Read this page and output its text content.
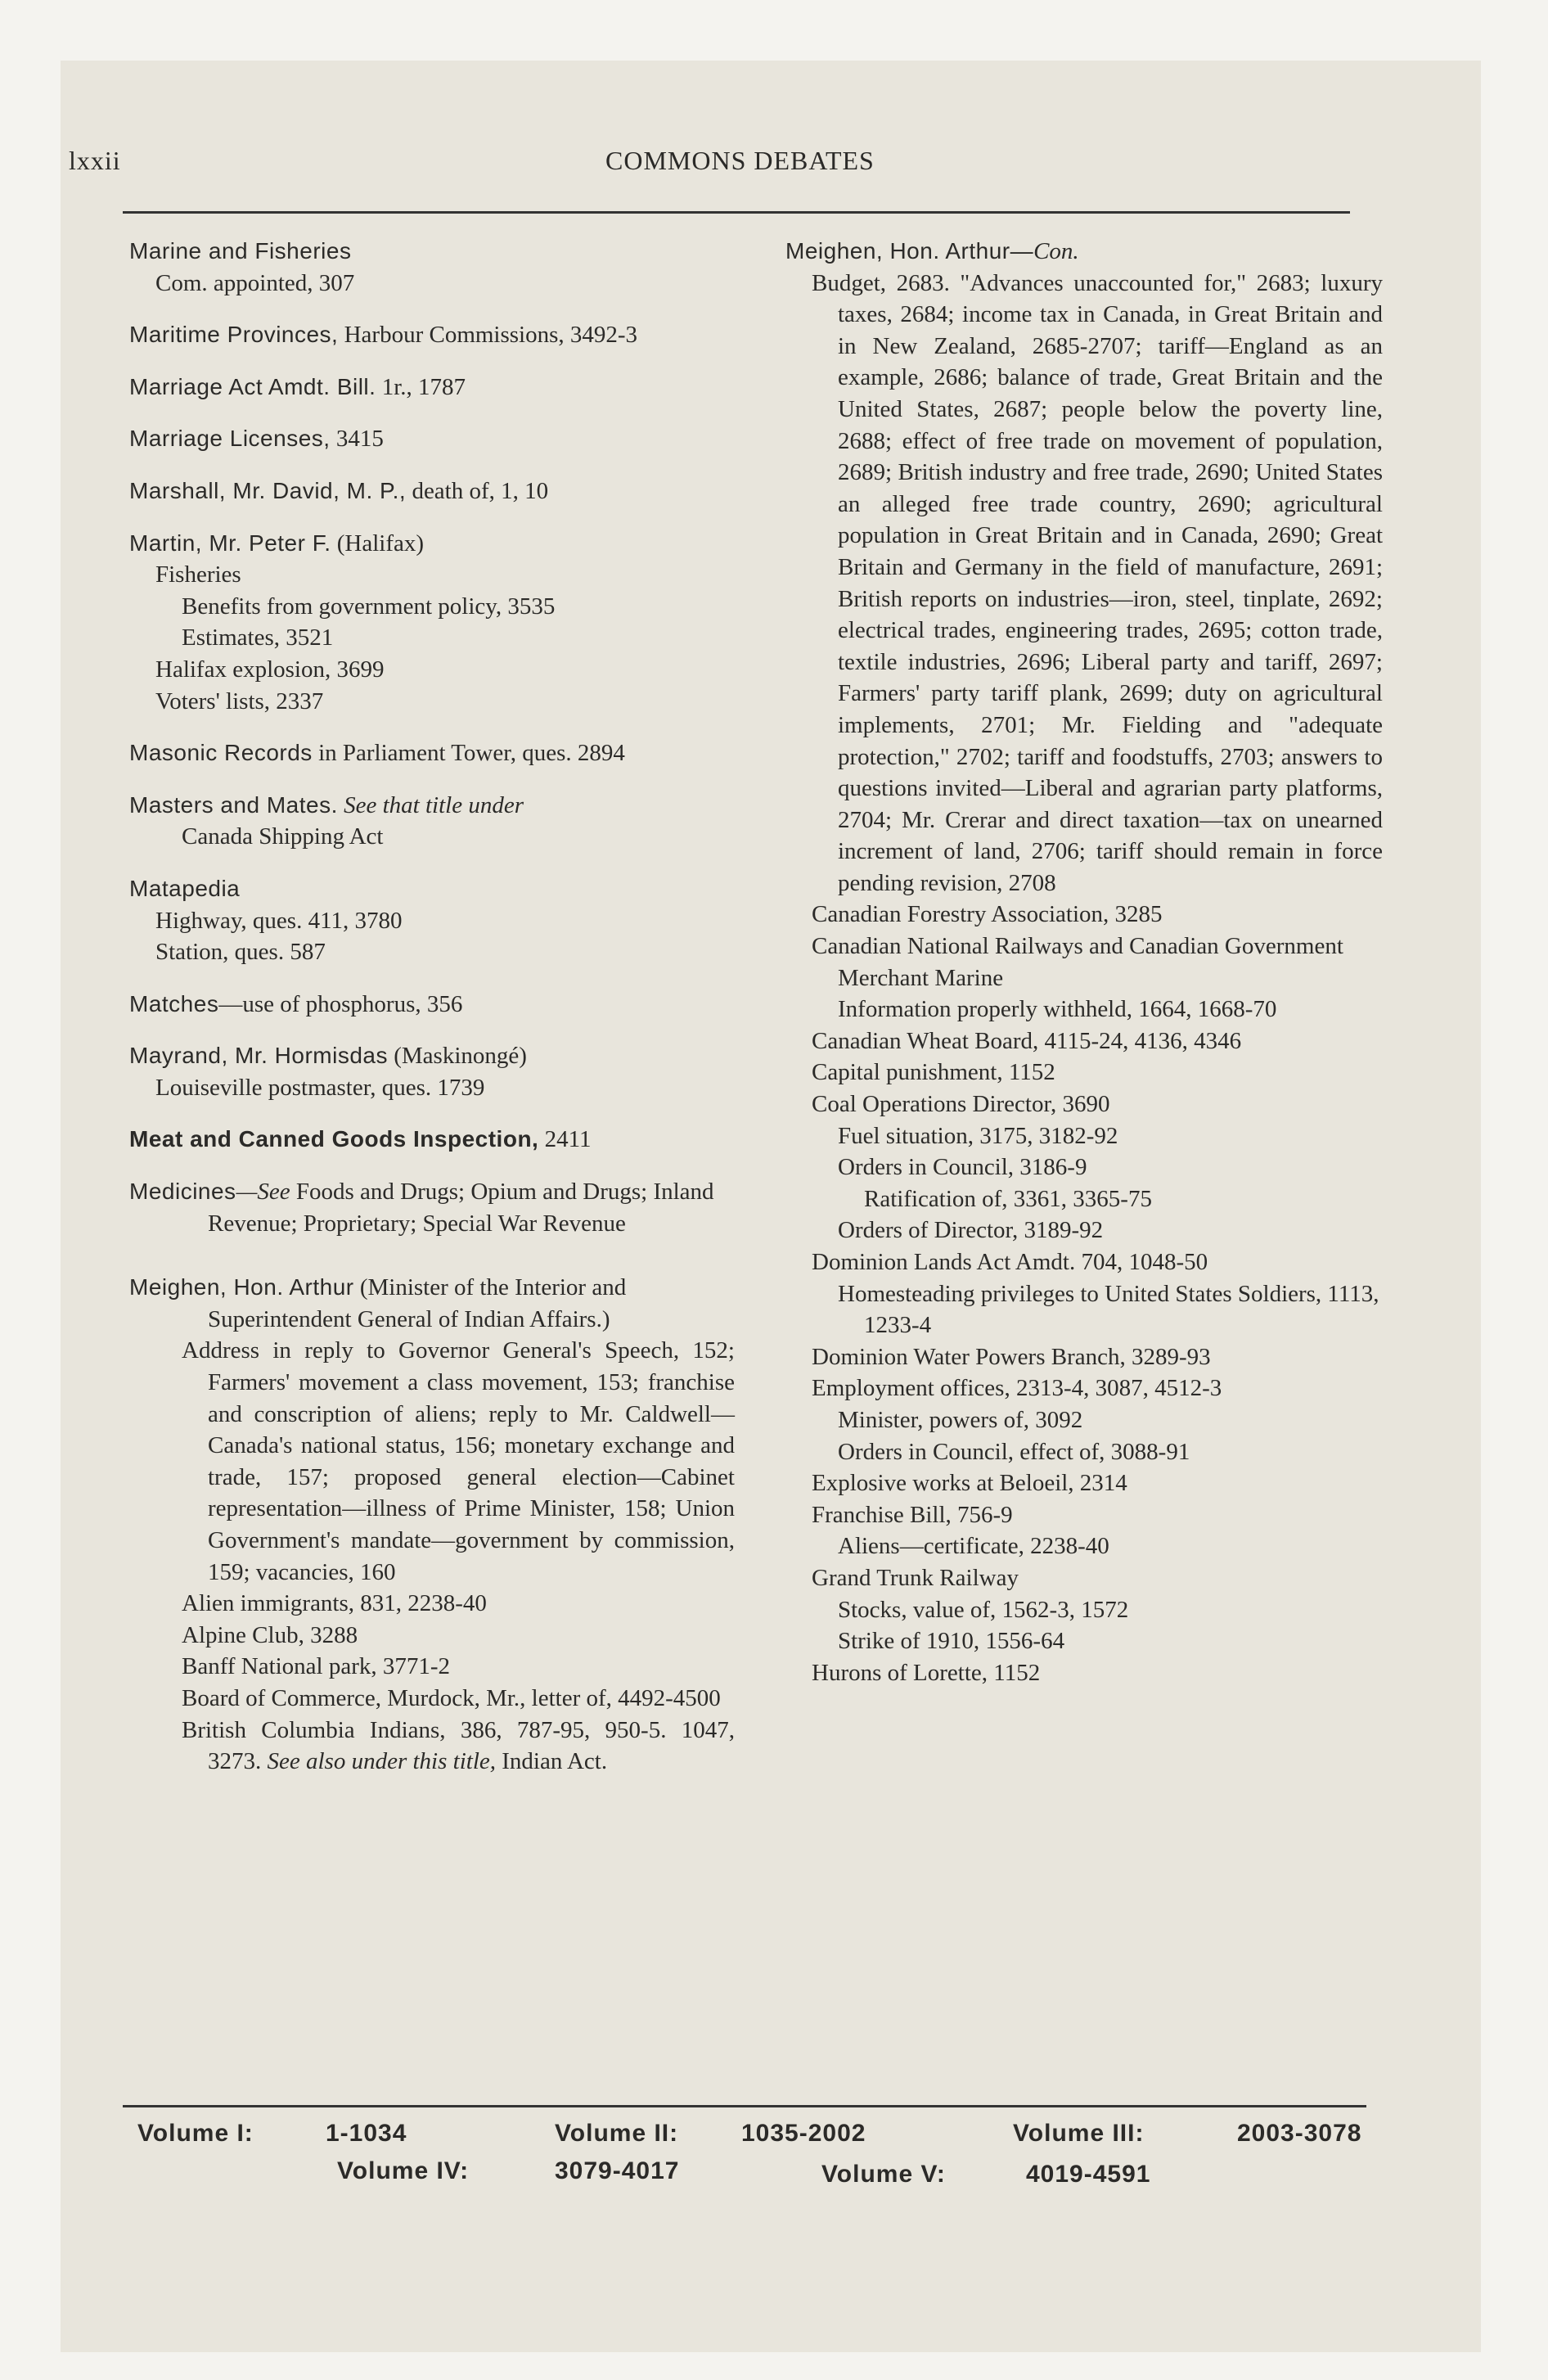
lxxii	COMMONS DEBATES
Marine and Fisheries
Com. appointed, 307
Maritime Provinces, Harbour Commissions, 3492-3
Marriage Act Amdt. Bill. 1r., 1787
Marriage Licenses, 3415
Marshall, Mr. David, M. P., death of, 1, 10
Martin, Mr. Peter F. (Halifax)
Fisheries
Benefits from government policy, 3535
Estimates, 3521
Halifax explosion, 3699
Voters' lists, 2337
Masonic Records in Parliament Tower, ques. 2894
Masters and Mates. See that title under
Canada Shipping Act
Matapedia
Highway, ques. 411, 3780
Station, ques. 587
Matches—use of phosphorus, 356
Mayrand, Mr. Hormisdas (Maskinongé)
Louiseville postmaster, ques. 1739
Meat and Canned Goods Inspection, 2411
Medicines—See Foods and Drugs; Opium and Drugs; Inland Revenue; Proprietary; Special War Revenue
Meighen, Hon. Arthur (Minister of the Interior and Superintendent General of Indian Affairs.)
Address in reply to Governor General's Speech, 152; Farmers' movement a class movement, 153; franchise and conscription of aliens; reply to Mr. Caldwell—Canada's national status, 156; monetary exchange and trade, 157; proposed general election—Cabinet representation—illness of Prime Minister, 158; Union Government's mandate—government by commission, 159; vacancies, 160
Alien immigrants, 831, 2238-40
Alpine Club, 3288
Banff National park, 3771-2
Board of Commerce, Murdock, Mr., letter of, 4492-4500
British Columbia Indians, 386, 787-95, 950-5. 1047, 3273. See also under this title, Indian Act.
Meighen, Hon. Arthur—Con.
Budget, 2683. "Advances unaccounted for," 2683; luxury taxes, 2684; income tax in Canada, in Great Britain and in New Zealand, 2685-2707; tariff—England as an example, 2686; balance of trade, Great Britain and the United States, 2687; people below the poverty line, 2688; effect of free trade on movement of population, 2689; British industry and free trade, 2690; United States an alleged free trade country, 2690; agricultural population in Great Britain and in Canada, 2690; Great Britain and Germany in the field of manufacture, 2691; British reports on industries—iron, steel, tinplate, 2692; electrical trades, engineering trades, 2695; cotton trade, textile industries, 2696; Liberal party and tariff, 2697; Farmers' party tariff plank, 2699; duty on agricultural implements, 2701; Mr. Fielding and "adequate protection," 2702; tariff and foodstuffs, 2703; answers to questions invited—Liberal and agrarian party platforms, 2704; Mr. Crerar and direct taxation—tax on unearned increment of land, 2706; tariff should remain in force pending revision, 2708
Canadian Forestry Association, 3285
Canadian National Railways and Canadian Government Merchant Marine
Information properly withheld, 1664, 1668-70
Canadian Wheat Board, 4115-24, 4136, 4346
Capital punishment, 1152
Coal Operations Director, 3690
Fuel situation, 3175, 3182-92
Orders in Council, 3186-9
Ratification of, 3361, 3365-75
Orders of Director, 3189-92
Dominion Lands Act Amdt. 704, 1048-50
Homesteading privileges to United States Soldiers, 1113, 1233-4
Dominion Water Powers Branch, 3289-93
Employment offices, 2313-4, 3087, 4512-3
Minister, powers of, 3092
Orders in Council, effect of, 3088-91
Explosive works at Beloeil, 2314
Franchise Bill, 756-9
Aliens—certificate, 2238-40
Grand Trunk Railway
Stocks, value of, 1562-3, 1572
Strike of 1910, 1556-64
Hurons of Lorette, 1152
Volume I:	1-1034	Volume II:	1035-2002	Volume III:	2003-3078
Volume IV:	3079-4017	Volume V:	4019-4591
